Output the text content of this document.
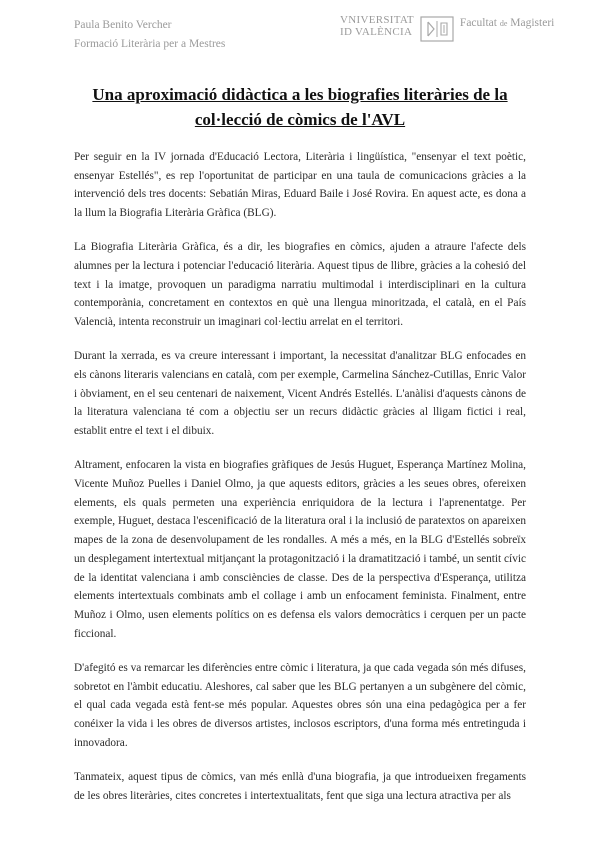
Paula Benito Vercher
Formació Literària per a Mestres
VNIVERSITAT
ID VALÈNCIA
Facultat de Magisteri
Una aproximació didàctica a les biografies literàries de la col·lecció de còmics de l'AVL

Per seguir en la IV jornada d'Educació Lectora, Literària i lingüística, "ensenyar el text poètic, ensenyar Estellés", es rep l'oportunitat de participar en una taula de comunicacions gràcies a la intervenció dels tres docents: Sebatián Miras, Eduard Baile i José Rovira. En aquest acte, es dona a la llum la Biografia Literària Gràfica (BLG).

La Biografia Literària Gràfica, és a dir, les biografies en còmics, ajuden a atraure l'afecte dels alumnes per la lectura i potenciar l'educació literària. Aquest tipus de llibre, gràcies a la cohesió del text i la imatge, provoquen un paradigma narratiu multimodal i interdisciplinari en la cultura contemporània, concretament en contextos en què una llengua minoritzada, el català, en el País Valencià, intenta reconstruir un imaginari col·lectiu arrelat en el territori.

Durant la xerrada, es va creure interessant i important, la necessitat d'analitzar BLG enfocades en els cànons literaris valencians en català, com per exemple, Carmelina Sánchez-Cutillas, Enric Valor i òbviament, en el seu centenari de naixement, Vicent Andrés Estellés. L'anàlisi d'aquests cànons de la literatura valenciana té com a objectiu ser un recurs didàctic gràcies al lligam fictici i real, establit entre el text i el dibuix.

Altrament, enfocaren la vista en biografies gràfiques de Jesús Huguet, Esperança Martínez Molina, Vicente Muñoz Puelles i Daniel Olmo, ja que aquests editors, gràcies a les seues obres, ofereixen elements, els quals permeten una experiència enriquidora de la lectura i l'aprenentatge. Per exemple, Huguet, destaca l'escenificació de la literatura oral i la inclusió de paratextos on apareixen mapes de la zona de desenvolupament de les rondalles. A més a més, en la BLG d'Estellés sobreïx un desplegament intertextual mitjançant la protagonització i la dramatització i també, un sentit cívic de la identitat valenciana i amb consciències de classe. Des de la perspectiva d'Esperança, utilitza elements intertextuals combinats amb el collage i amb un enfocament feminista. Finalment, entre Muñoz i Olmo, usen elements polítics on es defensa els valors democràtics i cerquen per un pacte ficcional.

D'afegitó es va remarcar les diferències entre còmic i literatura, ja que cada vegada són més difuses, sobretot en l'àmbit educatiu. Aleshores, cal saber que les BLG pertanyen a un subgènere del còmic, el qual cada vegada està fent-se més popular. Aquestes obres són una eina pedagògica per a fer conéixer la vida i les obres de diversos artistes, inclosos escriptors, d'una forma més entretinguda i innovadora.

Tanmateix, aquest tipus de còmics, van més enllà d'una biografia, ja que introdueixen fregaments de les obres literàries, cites concretes i intertextualitats, fent que siga una lectura atractiva per als
